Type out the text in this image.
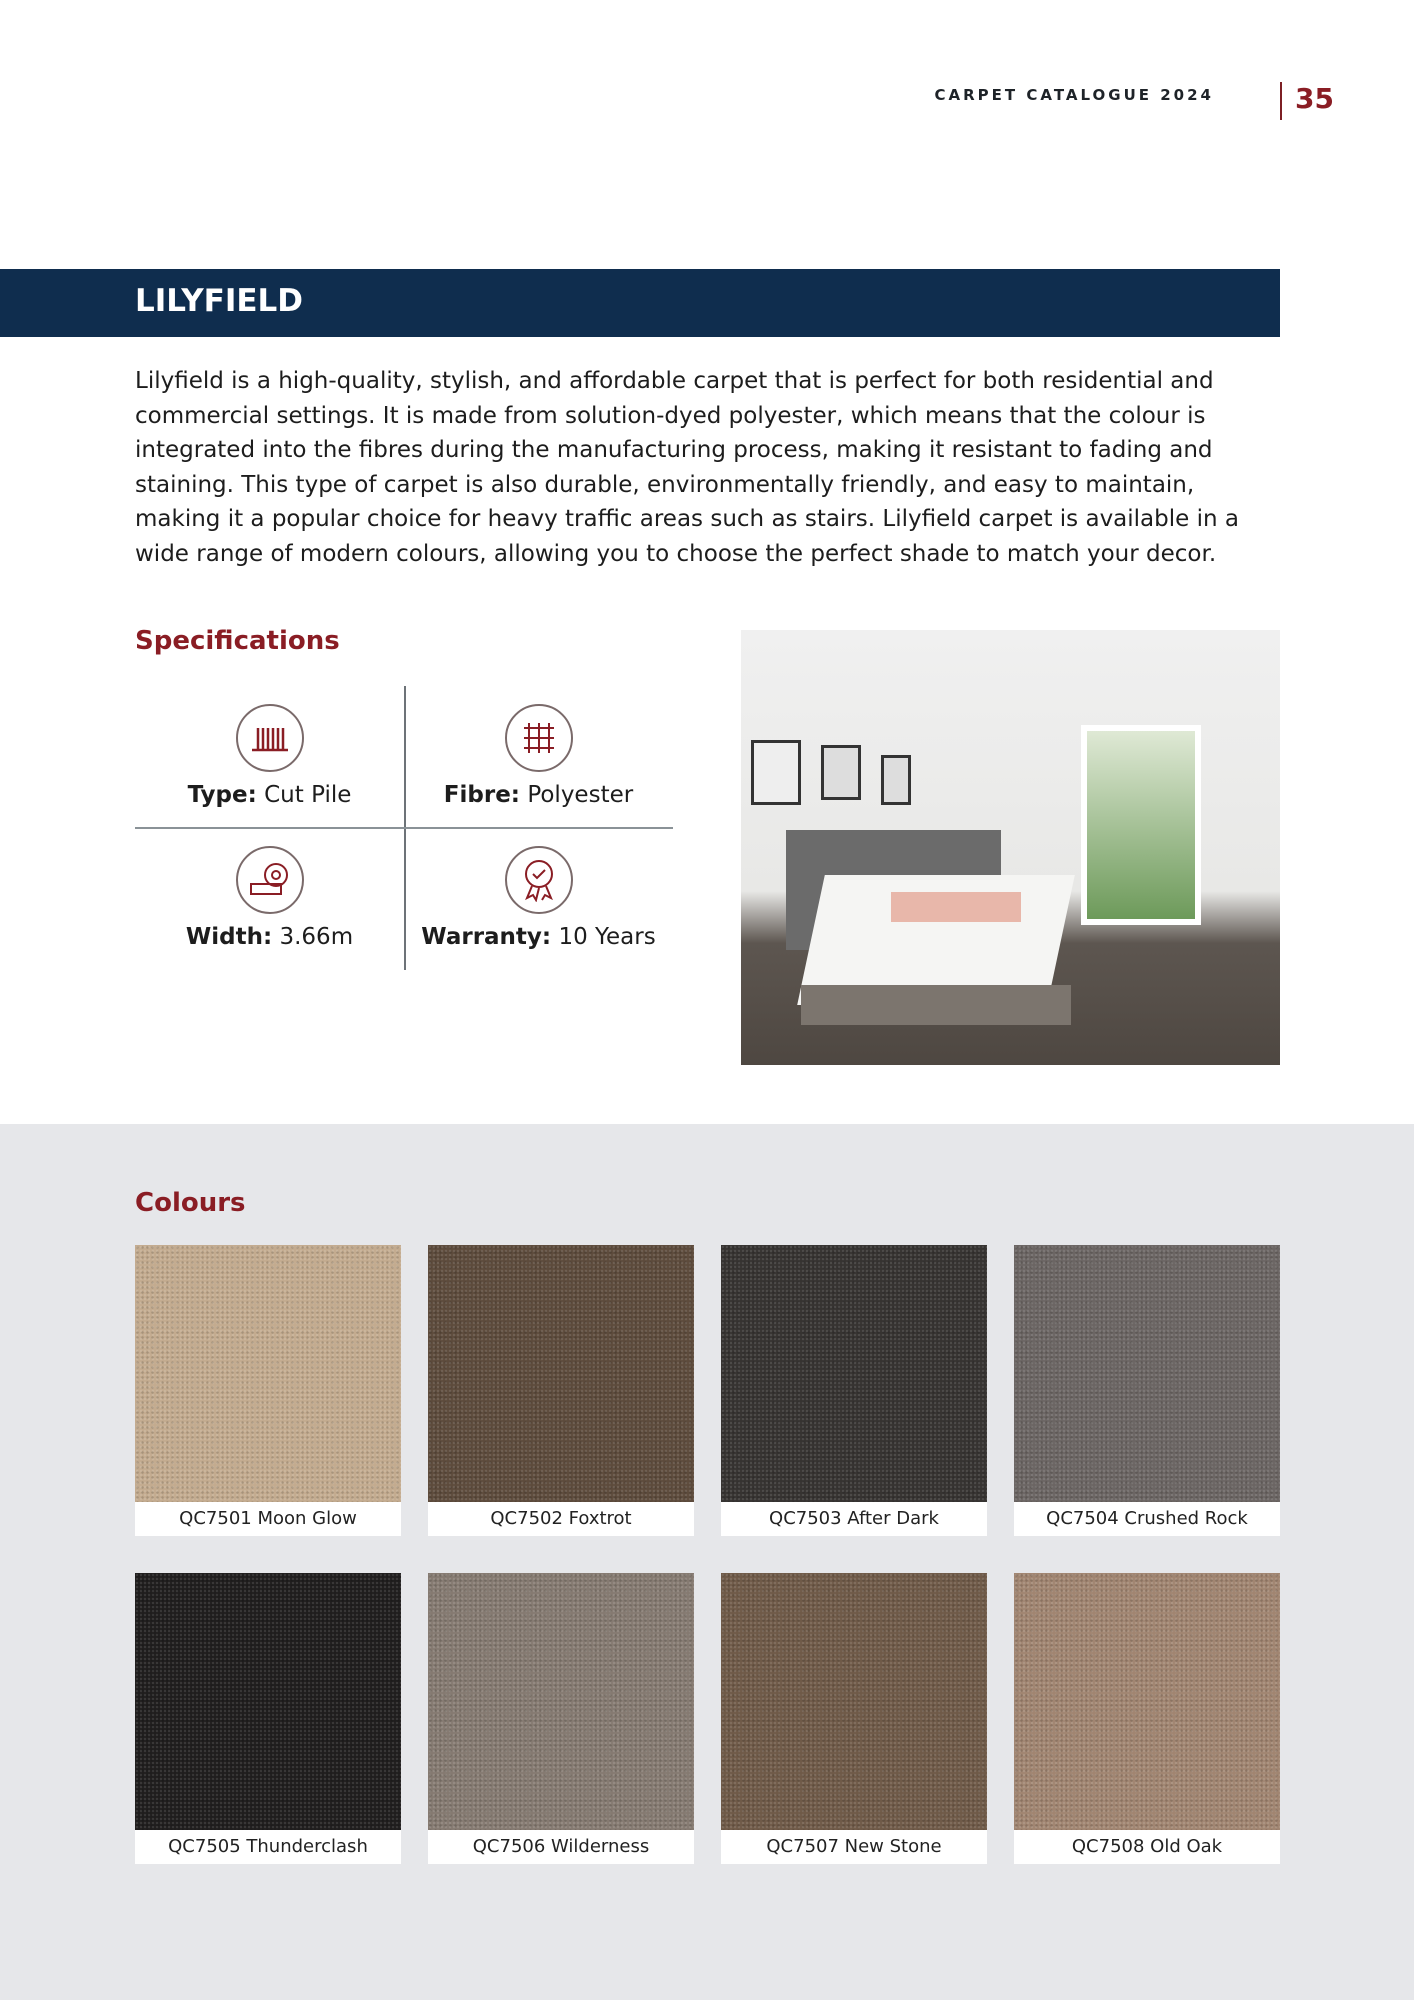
CARPET CATALOGUE 2024	35
LILYFIELD

Lilyfield is a high-quality, stylish, and affordable carpet that is perfect for both residential and commercial settings. It is made from solution-dyed polyester, which means that the colour is integrated into the fibres during the manufacturing process, making it resistant to fading and staining. This type of carpet is also durable, environmentally friendly, and easy to maintain, making it a popular choice for heavy traffic areas such as stairs. Lilyfield carpet is available in a wide range of modern colours, allowing you to choose the perfect shade to match your decor.

Specifications
Type: Cut Pile	Fibre: Polyester
Width: 3.66m	Warranty: 10 Years
Colours
QC7501 Moon Glow	QC7502 Foxtrot	QC7503 After Dark	QC7504 Crushed Rock
QC7505 Thunderclash	QC7506 Wilderness	QC7507 New Stone	QC7508 Old Oak
